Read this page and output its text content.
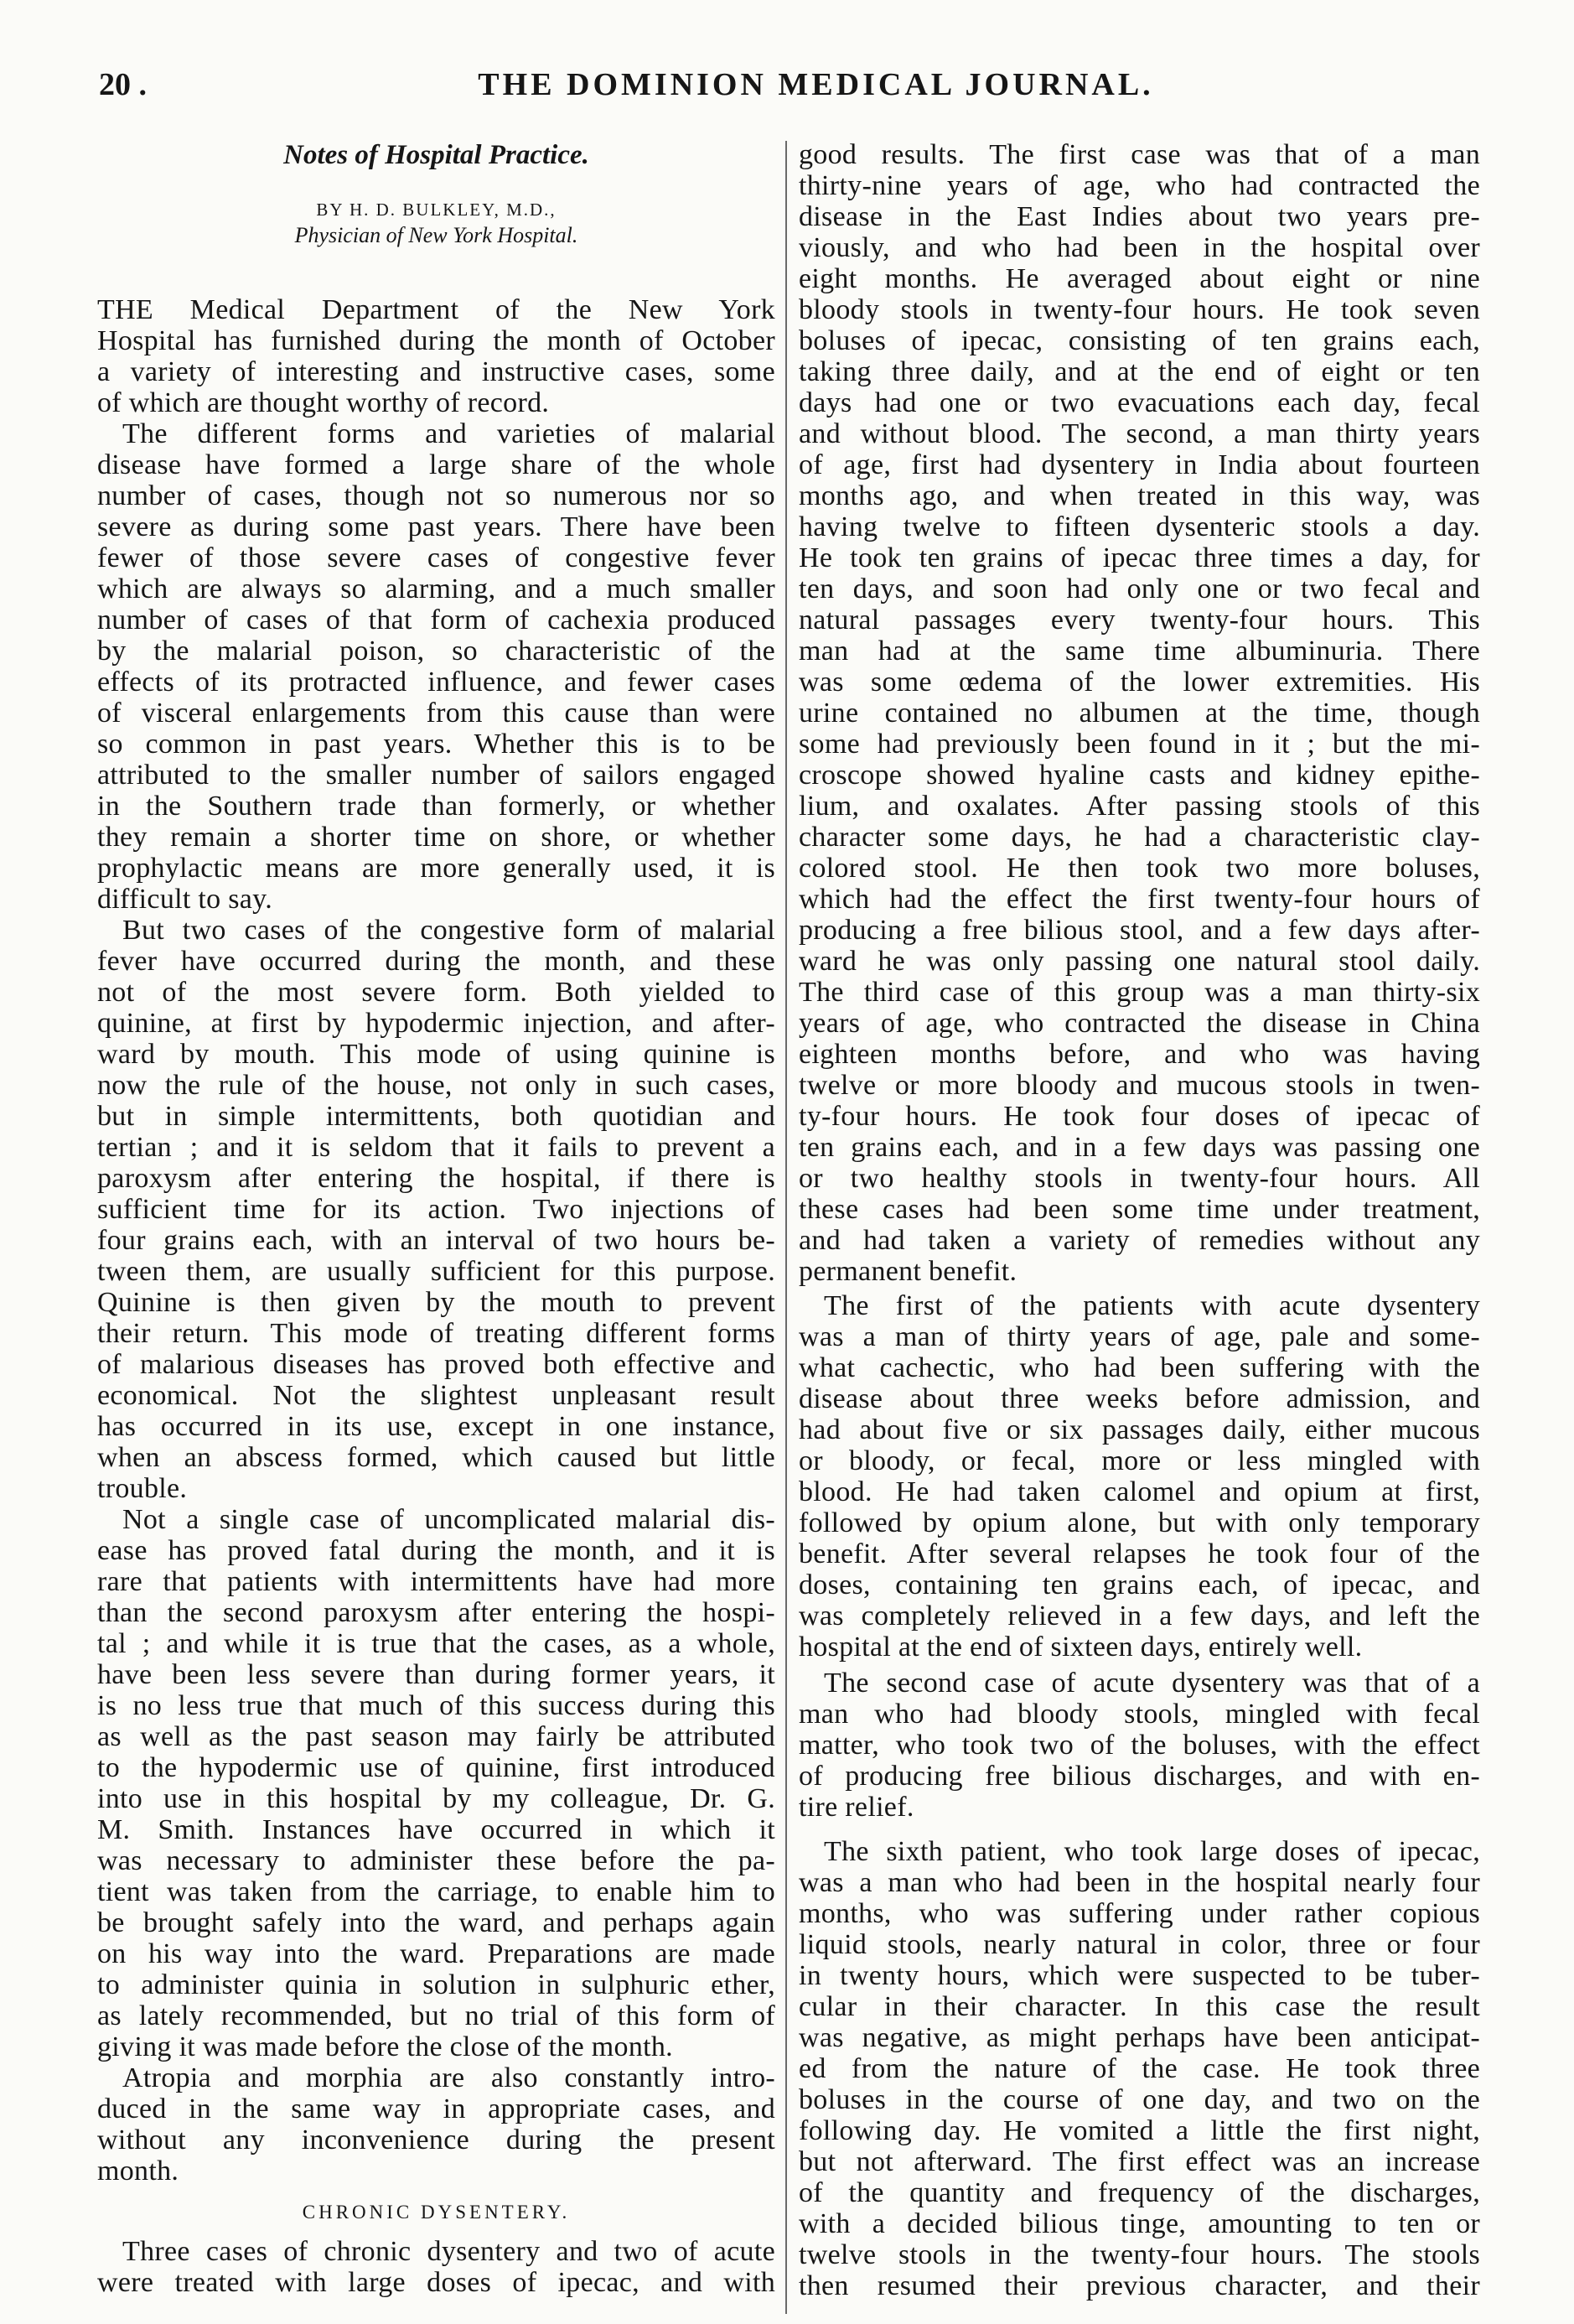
20 .	THE DOMINION MEDICAL JOURNAL.
Notes of Hospital Practice.
BY H. D. BULKLEY, M.D.,
Physician of New York Hospital.
THE Medical Department of the New York
Hospital has furnished during the month of October
a variety of interesting and instructive cases, some
of which are thought worthy of record.
The different forms and varieties of malarial
disease have formed a large share of the whole
number of cases, though not so numerous nor so
severe as during some past years. There have been
fewer of those severe cases of congestive fever
which are always so alarming, and a much smaller
number of cases of that form of cachexia produced
by the malarial poison, so characteristic of the
effects of its protracted influence, and fewer cases
of visceral enlargements from this cause than were
so common in past years. Whether this is to be
attributed to the smaller number of sailors engaged
in the Southern trade than formerly, or whether
they remain a shorter time on shore, or whether
prophylactic means are more generally used, it is
difficult to say.
But two cases of the congestive form of malarial
fever have occurred during the month, and these
not of the most severe form. Both yielded to
quinine, at first by hypodermic injection, and after-
ward by mouth. This mode of using quinine is
now the rule of the house, not only in such cases,
but in simple intermittents, both quotidian and
tertian ; and it is seldom that it fails to prevent a
paroxysm after entering the hospital, if there is
sufficient time for its action. Two injections of
four grains each, with an interval of two hours be-
tween them, are usually sufficient for this purpose.
Quinine is then given by the mouth to prevent
their return. This mode of treating different forms
of malarious diseases has proved both effective and
economical. Not the slightest unpleasant result
has occurred in its use, except in one instance,
when an abscess formed, which caused but little
trouble.
Not a single case of uncomplicated malarial dis-
ease has proved fatal during the month, and it is
rare that patients with intermittents have had more
than the second paroxysm after entering the hospi-
tal ; and while it is true that the cases, as a whole,
have been less severe than during former years, it
is no less true that much of this success during this
as well as the past season may fairly be attributed
to the hypodermic use of quinine, first introduced
into use in this hospital by my colleague, Dr. G.
M. Smith. Instances have occurred in which it
was necessary to administer these before the pa-
tient was taken from the carriage, to enable him to
be brought safely into the ward, and perhaps again
on his way into the ward. Preparations are made
to administer quinia in solution in sulphuric ether,
as lately recommended, but no trial of this form of
giving it was made before the close of the month.
Atropia and morphia are also constantly intro-
duced in the same way in appropriate cases, and
without any inconvenience during the present
month.
CHRONIC DYSENTERY.
Three cases of chronic dysentery and two of acute
were treated with large doses of ipecac, and with
good results. The first case was that of a man
thirty-nine years of age, who had contracted the
disease in the East Indies about two years pre-
viously, and who had been in the hospital over
eight months. He averaged about eight or nine
bloody stools in twenty-four hours. He took seven
boluses of ipecac, consisting of ten grains each,
taking three daily, and at the end of eight or ten
days had one or two evacuations each day, fecal
and without blood. The second, a man thirty years
of age, first had dysentery in India about fourteen
months ago, and when treated in this way, was
having twelve to fifteen dysenteric stools a day.
He took ten grains of ipecac three times a day, for
ten days, and soon had only one or two fecal and
natural passages every twenty-four hours. This
man had at the same time albuminuria. There
was some œdema of the lower extremities. His
urine contained no albumen at the time, though
some had previously been found in it ; but the mi-
croscope showed hyaline casts and kidney epithe-
lium, and oxalates. After passing stools of this
character some days, he had a characteristic clay-
colored stool. He then took two more boluses,
which had the effect the first twenty-four hours of
producing a free bilious stool, and a few days after-
ward he was only passing one natural stool daily.
The third case of this group was a man thirty-six
years of age, who contracted the disease in China
eighteen months before, and who was having
twelve or more bloody and mucous stools in twen-
ty-four hours. He took four doses of ipecac of
ten grains each, and in a few days was passing one
or two healthy stools in twenty-four hours. All
these cases had been some time under treatment,
and had taken a variety of remedies without any
permanent benefit.
The first of the patients with acute dysentery
was a man of thirty years of age, pale and some-
what cachectic, who had been suffering with the
disease about three weeks before admission, and
had about five or six passages daily, either mucous
or bloody, or fecal, more or less mingled with
blood. He had taken calomel and opium at first,
followed by opium alone, but with only temporary
benefit. After several relapses he took four of the
doses, containing ten grains each, of ipecac, and
was completely relieved in a few days, and left the
hospital at the end of sixteen days, entirely well.
The second case of acute dysentery was that of a
man who had bloody stools, mingled with fecal
matter, who took two of the boluses, with the effect
of producing free bilious discharges, and with en-
tire relief.
The sixth patient, who took large doses of ipecac,
was a man who had been in the hospital nearly four
months, who was suffering under rather copious
liquid stools, nearly natural in color, three or four
in twenty hours, which were suspected to be tuber-
cular in their character. In this case the result
was negative, as might perhaps have been anticipat-
ed from the nature of the case. He took three
boluses in the course of one day, and two on the
following day. He vomited a little the first night,
but not afterward. The first effect was an increase
of the quantity and frequency of the discharges,
with a decided bilious tinge, amounting to ten or
twelve stools in the twenty-four hours. The stools
then resumed their previous character, and their
